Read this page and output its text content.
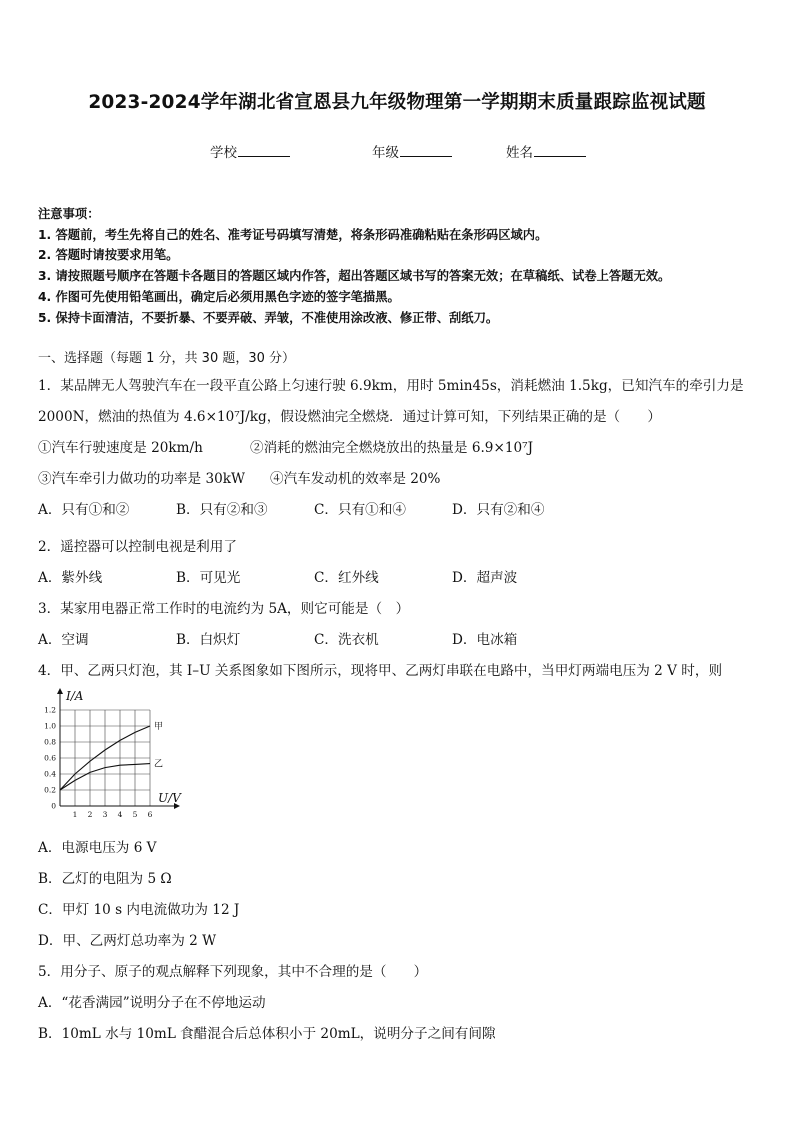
2023-2024学年湖北省宣恩县九年级物理第一学期期末质量跟踪监视试题
学校	年级	姓名
注意事项：
1. 答题前，考生先将自己的姓名、准考证号码填写清楚，将条形码准确粘贴在条形码区域内。
2. 答题时请按要求用笔。
3. 请按照题号顺序在答题卡各题目的答题区域内作答，超出答题区域书写的答案无效；在草稿纸、试卷上答题无效。
4. 作图可先使用铅笔画出，确定后必须用黑色字迹的签字笔描黑。
5. 保持卡面清洁，不要折暴、不要弄破、弄皱，不准使用涂改液、修正带、刮纸刀。
一、选择题（每题 1 分，共 30 题，30 分）
1．某品牌无人驾驶汽车在一段平直公路上匀速行驶 6.9km，用时 5min45s，消耗燃油 1.5kg，已知汽车的牵引力是
2000N，燃油的热值为 4.6×10⁷J/kg，假设燃油完全燃烧．通过计算可知，下列结果正确的是（　　）
①汽车行驶速度是 20km/h	②消耗的燃油完全燃烧放出的热量是 6.9×10⁷J
③汽车牵引力做功的功率是 30kW ④汽车发动机的效率是 20%
A．只有①和②	B．只有②和③	C．只有①和④	D．只有②和④
2．遥控器可以控制电视是利用了
A．紫外线	B．可见光	C．红外线	D．超声波
3．某家用电器正常工作时的电流约为 5A，则它可能是（　）
A．空调	B．白炽灯	C．洗衣机	D．电冰箱
4．甲、乙两只灯泡，其 I–U 关系图象如下图所示，现将甲、乙两灯串联在电路中，当甲灯两端电压为 2 V 时，则
1 2 3 4 5 6
0
0.2
0.4
0.6
0.8
1.0
1.2
I/A
U/V
甲
乙
A．电源电压为 6 V
B．乙灯的电阻为 5 Ω
C．甲灯 10 s 内电流做功为 12 J
D．甲、乙两灯总功率为 2 W
5．用分子、原子的观点解释下列现象，其中不合理的是（　　）
A．“花香满园”说明分子在不停地运动
B．10mL 水与 10mL 食醋混合后总体积小于 20mL，说明分子之间有间隙
